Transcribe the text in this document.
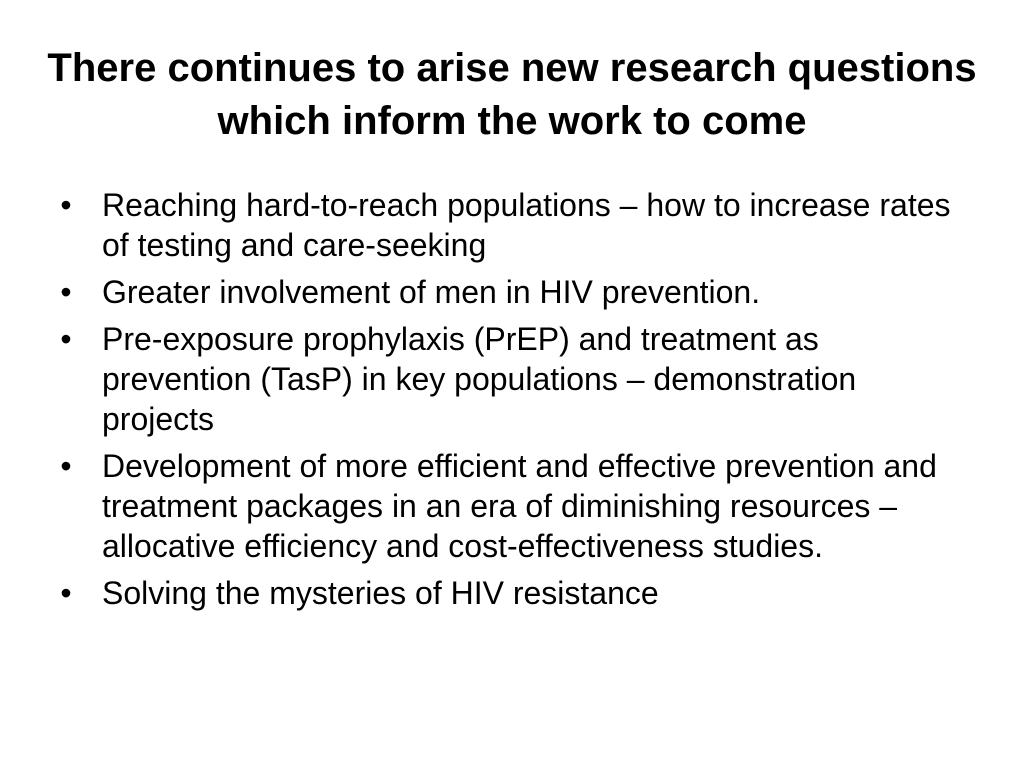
There continues to arise new research questions which inform the work to come
• Reaching hard-to-reach populations – how to increase rates of testing and care-seeking
• Greater involvement of men in HIV prevention.
• Pre-exposure prophylaxis (PrEP) and treatment as prevention (TasP) in key populations – demonstration projects
• Development of more efficient and effective prevention and treatment packages in an era of diminishing resources – allocative efficiency and cost-effectiveness studies.
• Solving the mysteries of HIV resistance
